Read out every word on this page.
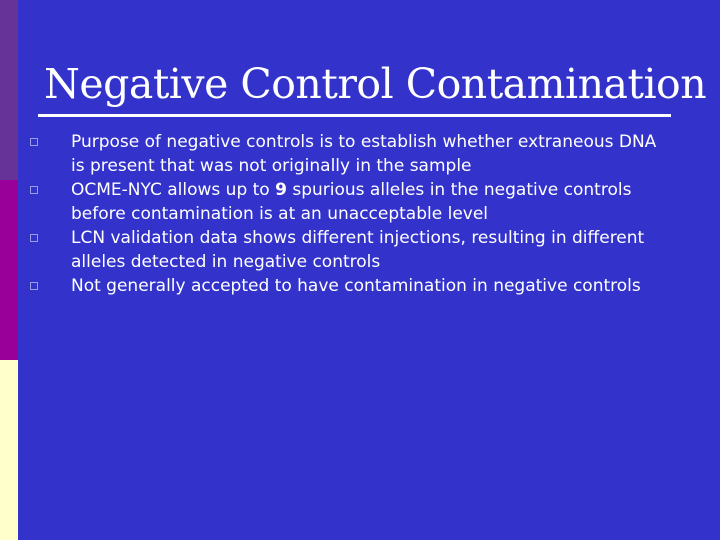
Negative Control Contamination
Purpose of negative controls is to establish whether extraneous DNA is present that was not originally in the sample
OCME-NYC allows up to 9 spurious alleles in the negative controls before contamination is at an unacceptable level
LCN validation data shows different injections, resulting in different alleles detected in negative controls
Not generally accepted to have contamination in negative controls
